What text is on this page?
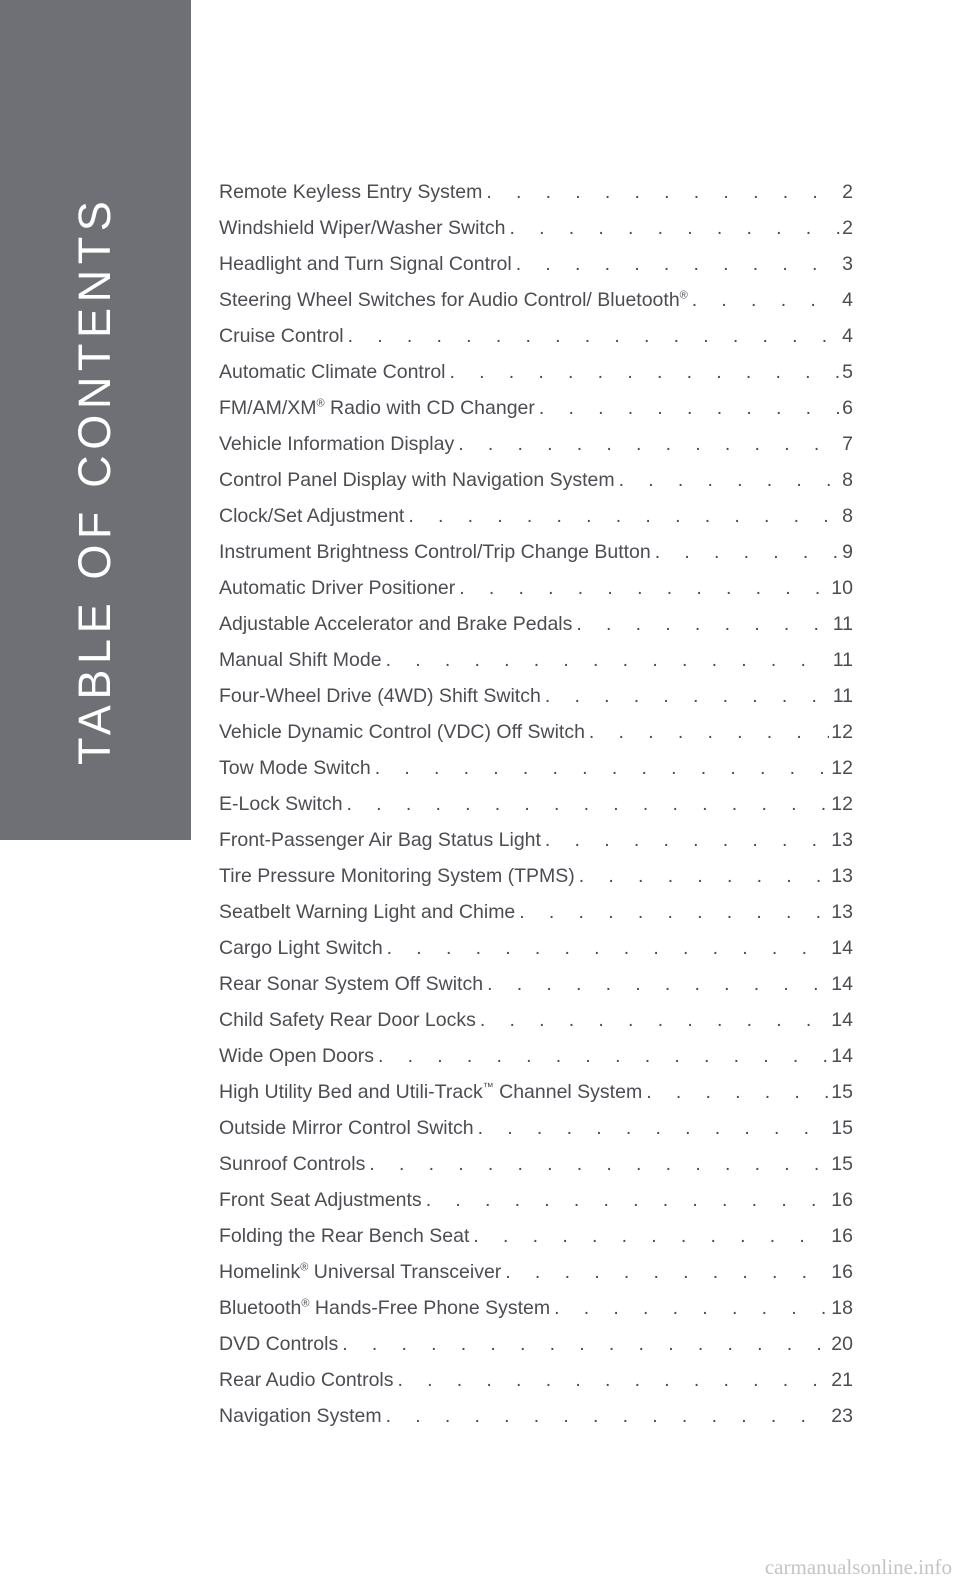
TABLE OF CONTENTS
Remote Keyless Entry System . . .	2
Windshield Wiper/Washer Switch . . .	2
Headlight and Turn Signal Control . . .	3
Steering Wheel Switches for Audio Control/ Bluetooth® . . .	4
Cruise Control . . .	4
Automatic Climate Control . . .	5
FM/AM/XM® Radio with CD Changer . . .	6
Vehicle Information Display . . .	7
Control Panel Display with Navigation System . . .	8
Clock/Set Adjustment . . .	8
Instrument Brightness Control/Trip Change Button . . .	9
Automatic Driver Positioner . . .	10
Adjustable Accelerator and Brake Pedals . . .	11
Manual Shift Mode . . .	11
Four-Wheel Drive (4WD) Shift Switch . . .	11
Vehicle Dynamic Control (VDC) Off Switch . . .	12
Tow Mode Switch . . .	12
E-Lock Switch . . .	12
Front-Passenger Air Bag Status Light . . .	13
Tire Pressure Monitoring System (TPMS) . . .	13
Seatbelt Warning Light and Chime . . .	13
Cargo Light Switch . . .	14
Rear Sonar System Off Switch . . .	14
Child Safety Rear Door Locks . . .	14
Wide Open Doors . . .	14
High Utility Bed and Utili-Track™ Channel System . . .	15
Outside Mirror Control Switch . . .	15
Sunroof Controls . . .	15
Front Seat Adjustments . . .	16
Folding the Rear Bench Seat . . .	16
Homelink® Universal Transceiver . . .	16
Bluetooth® Hands-Free Phone System . . .	18
DVD Controls . . .	20
Rear Audio Controls . . .	21
Navigation System . . .	23
carmanualsonline.info
